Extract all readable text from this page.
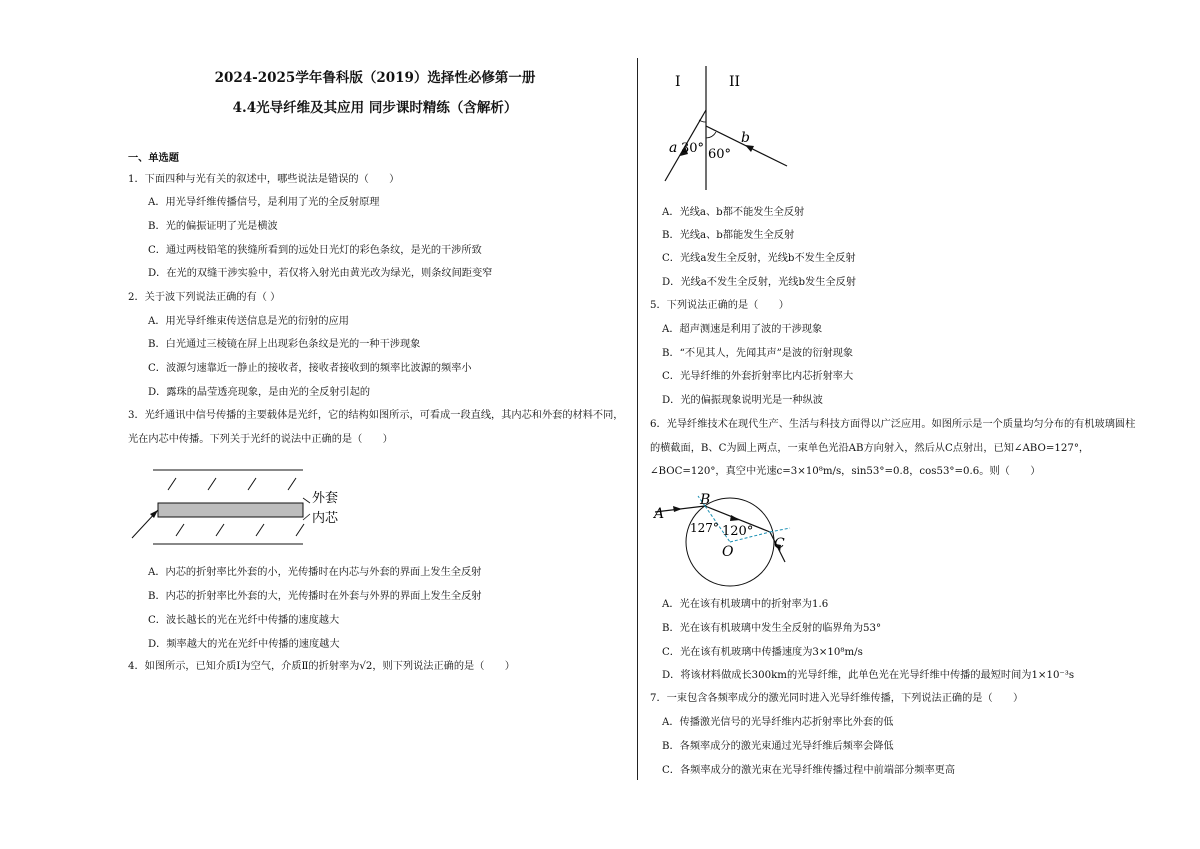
2024-2025学年鲁科版（2019）选择性必修第一册
4.4光导纤维及其应用 同步课时精练（含解析）
一、单选题
1．下面四种与光有关的叙述中，哪些说法是错误的（　　）
A．用光导纤维传播信号，是利用了光的全反射原理
B．光的偏振证明了光是横波
C．通过两枝铅笔的狭缝所看到的远处日光灯的彩色条纹，是光的干涉所致
D．在光的双缝干涉实验中，若仅将入射光由黄光改为绿光，则条纹间距变窄
2．关于波下列说法正确的有（ ）
A．用光导纤维束传送信息是光的衍射的应用
B．白光通过三棱镜在屏上出现彩色条纹是光的一种干涉现象
C．波源匀速靠近一静止的接收者，接收者接收到的频率比波源的频率小
D．露珠的晶莹透亮现象，是由光的全反射引起的
3．光纤通讯中信号传播的主要载体是光纤，它的结构如图所示，可看成一段直线，其内芯和外套的材料不同，
光在内芯中传播。下列关于光纤的说法中正确的是（　　）
外套
内芯
A．内芯的折射率比外套的小，光传播时在内芯与外套的界面上发生全反射
B．内芯的折射率比外套的大，光传播时在外套与外界的界面上发生全反射
C．波长越长的光在光纤中传播的速度越大
D．频率越大的光在光纤中传播的速度越大
4．如图所示，已知介质Ⅰ为空气，介质Ⅱ的折射率为√2，则下列说法正确的是（　　）
I	II
a 30° 60°
b
A．光线a、b都不能发生全反射
B．光线a、b都能发生全反射
C．光线a发生全反射，光线b不发生全反射
D．光线a不发生全反射，光线b发生全反射
5．下列说法正确的是（　　）
A．超声测速是利用了波的干涉现象
B．“不见其人，先闻其声”是波的衍射现象
C．光导纤维的外套折射率比内芯折射率大
D．光的偏振现象说明光是一种纵波
6．光导纤维技术在现代生产、生活与科技方面得以广泛应用。如图所示是一个质量均匀分布的有机玻璃圆柱
的横截面，B、C为圆上两点，一束单色光沿AB方向射入，然后从C点射出，已知∠ABO=127°，
∠BOC=120°，真空中光速c=3×10⁸m/s，sin53°=0.8，cos53°=0.6。则（　　）
A
B
127° 120°
O	C
A．光在该有机玻璃中的折射率为1.6
B．光在该有机玻璃中发生全反射的临界角为53°
C．光在该有机玻璃中传播速度为3×10⁸m/s
D．将该材料做成长300km的光导纤维，此单色光在光导纤维中传播的最短时间为1×10⁻³s
7．一束包含各频率成分的激光同时进入光导纤维传播，下列说法正确的是（　　）
A．传播激光信号的光导纤维内芯折射率比外套的低
B．各频率成分的激光束通过光导纤维后频率会降低
C．各频率成分的激光束在光导纤维传播过程中前端部分频率更高
